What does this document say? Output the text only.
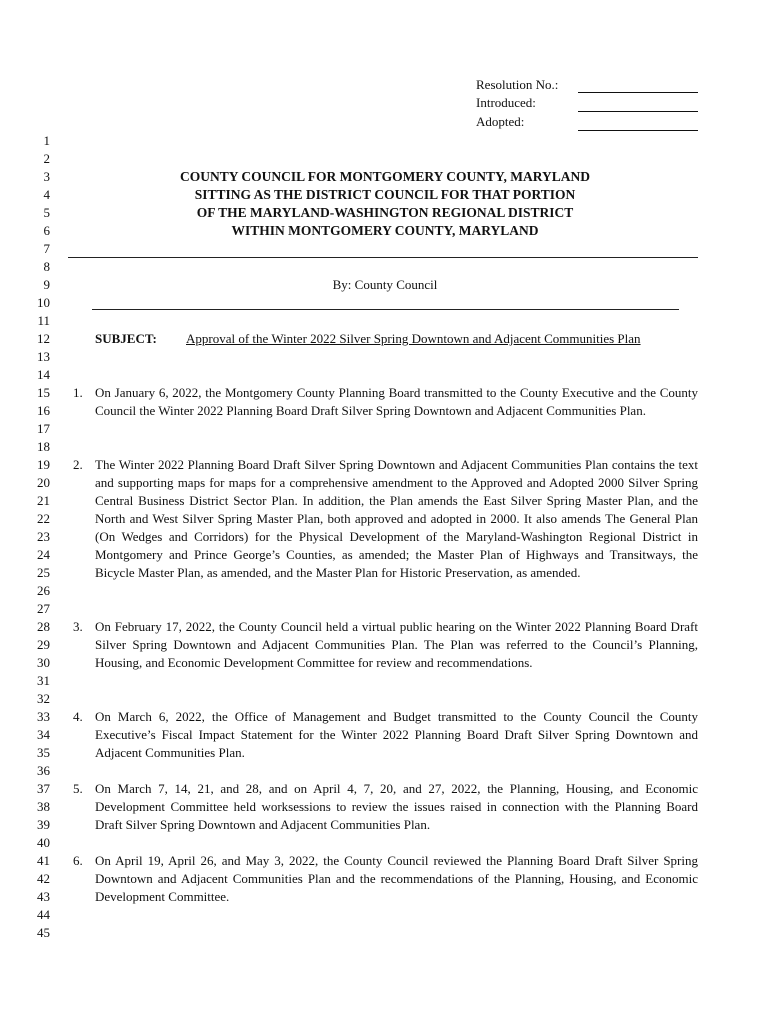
Resolution No.:
Introduced:
Adopted:
1
2
3
4
5
6
7
8
9
10
11
12
13
14
15
16
17
18
19
20
21
22
23
24
25
26
27
28
29
30
31
32
33
34
35
36
37
38
39
40
41
42
43
44
45
COUNTY COUNCIL FOR MONTGOMERY COUNTY, MARYLAND
SITTING AS THE DISTRICT COUNCIL FOR THAT PORTION
OF THE MARYLAND-WASHINGTON REGIONAL DISTRICT
WITHIN MONTGOMERY COUNTY, MARYLAND
By: County Council
SUBJECT: Approval of the Winter 2022 Silver Spring Downtown and Adjacent Communities Plan
1. On January 6, 2022, the Montgomery County Planning Board transmitted to the County Executive and the County Council the Winter 2022 Planning Board Draft Silver Spring Downtown and Adjacent Communities Plan.
2. The Winter 2022 Planning Board Draft Silver Spring Downtown and Adjacent Communities Plan contains the text and supporting maps for maps for a comprehensive amendment to the Approved and Adopted 2000 Silver Spring Central Business District Sector Plan. In addition, the Plan amends the East Silver Spring Master Plan, and the North and West Silver Spring Master Plan, both approved and adopted in 2000. It also amends The General Plan (On Wedges and Corridors) for the Physical Development of the Maryland-Washington Regional District in Montgomery and Prince George’s Counties, as amended; the Master Plan of Highways and Transitways, the Bicycle Master Plan, as amended, and the Master Plan for Historic Preservation, as amended.
3. On February 17, 2022, the County Council held a virtual public hearing on the Winter 2022 Planning Board Draft Silver Spring Downtown and Adjacent Communities Plan. The Plan was referred to the Council’s Planning, Housing, and Economic Development Committee for review and recommendations.
4. On March 6, 2022, the Office of Management and Budget transmitted to the County Council the County Executive’s Fiscal Impact Statement for the Winter 2022 Planning Board Draft Silver Spring Downtown and Adjacent Communities Plan.
5. On March 7, 14, 21, and 28, and on April 4, 7, 20, and 27, 2022, the Planning, Housing, and Economic Development Committee held worksessions to review the issues raised in connection with the Planning Board Draft Silver Spring Downtown and Adjacent Communities Plan.
6. On April 19, April 26, and May 3, 2022, the County Council reviewed the Planning Board Draft Silver Spring Downtown and Adjacent Communities Plan and the recommendations of the Planning, Housing, and Economic Development Committee.
